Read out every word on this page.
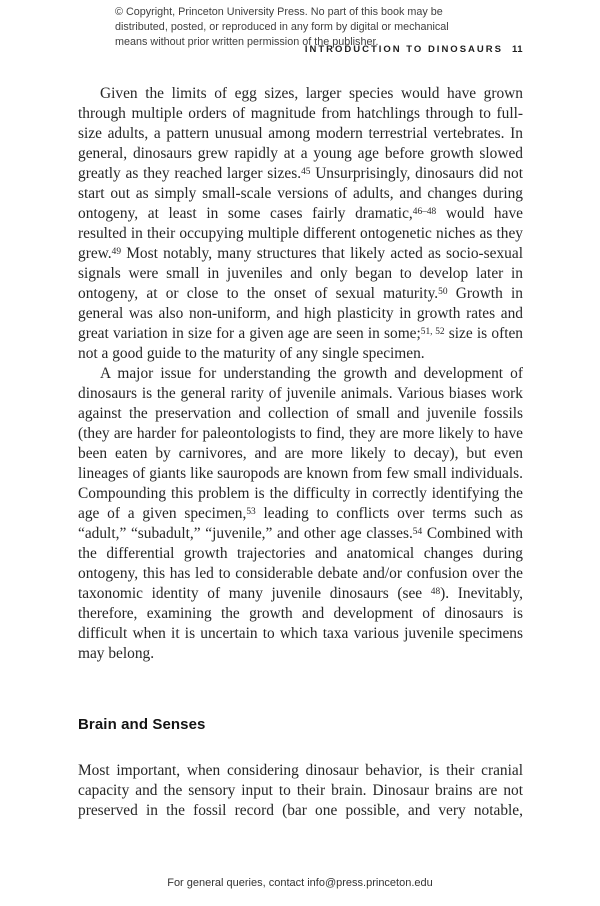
© Copyright, Princeton University Press. No part of this book may be
distributed, posted, or reproduced in any form by digital or mechanical
means without prior written permission of the publisher.
INTRODUCTION TO DINOSAURS 11

Given the limits of egg sizes, larger species would have grown through multiple orders of magnitude from hatchlings through to full-size adults, a pattern unusual among modern terrestrial vertebrates. In general, dinosaurs grew rapidly at a young age before growth slowed greatly as they reached larger sizes.$^{45}$ Unsurprisingly, dinosaurs did not start out as simply small-scale versions of adults, and changes during ontogeny, at least in some cases fairly dramatic,$^{46-48}$ would have resulted in their occupying multiple different ontogenetic niches as they grew.$^{49}$ Most notably, many structures that likely acted as socio-sexual signals were small in juveniles and only began to develop later in ontogeny, at or close to the onset of sexual maturity.$^{50}$ Growth in general was also non-uniform, and high plasticity in growth rates and great variation in size for a given age are seen in some;$^{51, 52}$ size is often not a good guide to the maturity of any single specimen.

A major issue for understanding the growth and development of dinosaurs is the general rarity of juvenile animals. Various biases work against the preservation and collection of small and juvenile fossils (they are harder for paleontologists to find, they are more likely to have been eaten by carnivores, and are more likely to decay), but even lineages of giants like sauropods are known from few small individuals. Compounding this problem is the difficulty in correctly identifying the age of a given specimen,$^{53}$ leading to conflicts over terms such as “adult,” “subadult,” “juvenile,” and other age classes.$^{54}$ Combined with the differential growth trajectories and anatomical changes during ontogeny, this has led to considerable debate and/or confusion over the taxonomic identity of many juvenile dinosaurs (see $^{48}$). Inevitably, therefore, examining the growth and development of dinosaurs is difficult when it is uncertain to which taxa various juvenile specimens may belong.

Brain and Senses

Most important, when considering dinosaur behavior, is their cranial capacity and the sensory input to their brain. Dinosaur brains are not preserved in the fossil record (bar one possible, and very notable,

For general queries, contact info@press.princeton.edu
